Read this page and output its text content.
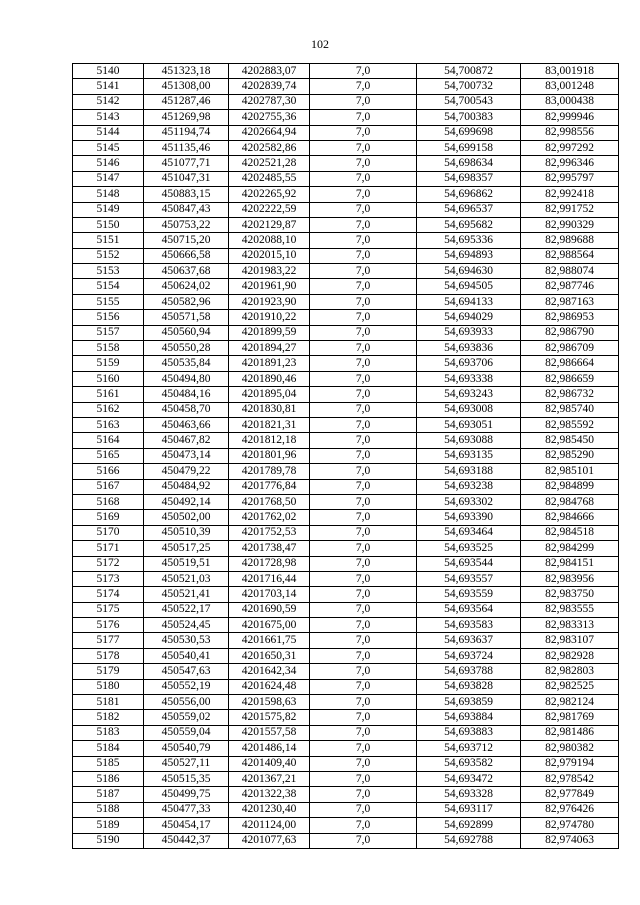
102
5140	451323,18	4202883,07	7,0	54,700872	83,001918
5141	451308,00	4202839,74	7,0	54,700732	83,001248
5142	451287,46	4202787,30	7,0	54,700543	83,000438
5143	451269,98	4202755,36	7,0	54,700383	82,999946
5144	451194,74	4202664,94	7,0	54,699698	82,998556
5145	451135,46	4202582,86	7,0	54,699158	82,997292
5146	451077,71	4202521,28	7,0	54,698634	82,996346
5147	451047,31	4202485,55	7,0	54,698357	82,995797
5148	450883,15	4202265,92	7,0	54,696862	82,992418
5149	450847,43	4202222,59	7,0	54,696537	82,991752
5150	450753,22	4202129,87	7,0	54,695682	82,990329
5151	450715,20	4202088,10	7,0	54,695336	82,989688
5152	450666,58	4202015,10	7,0	54,694893	82,988564
5153	450637,68	4201983,22	7,0	54,694630	82,988074
5154	450624,02	4201961,90	7,0	54,694505	82,987746
5155	450582,96	4201923,90	7,0	54,694133	82,987163
5156	450571,58	4201910,22	7,0	54,694029	82,986953
5157	450560,94	4201899,59	7,0	54,693933	82,986790
5158	450550,28	4201894,27	7,0	54,693836	82,986709
5159	450535,84	4201891,23	7,0	54,693706	82,986664
5160	450494,80	4201890,46	7,0	54,693338	82,986659
5161	450484,16	4201895,04	7,0	54,693243	82,986732
5162	450458,70	4201830,81	7,0	54,693008	82,985740
5163	450463,66	4201821,31	7,0	54,693051	82,985592
5164	450467,82	4201812,18	7,0	54,693088	82,985450
5165	450473,14	4201801,96	7,0	54,693135	82,985290
5166	450479,22	4201789,78	7,0	54,693188	82,985101
5167	450484,92	4201776,84	7,0	54,693238	82,984899
5168	450492,14	4201768,50	7,0	54,693302	82,984768
5169	450502,00	4201762,02	7,0	54,693390	82,984666
5170	450510,39	4201752,53	7,0	54,693464	82,984518
5171	450517,25	4201738,47	7,0	54,693525	82,984299
5172	450519,51	4201728,98	7,0	54,693544	82,984151
5173	450521,03	4201716,44	7,0	54,693557	82,983956
5174	450521,41	4201703,14	7,0	54,693559	82,983750
5175	450522,17	4201690,59	7,0	54,693564	82,983555
5176	450524,45	4201675,00	7,0	54,693583	82,983313
5177	450530,53	4201661,75	7,0	54,693637	82,983107
5178	450540,41	4201650,31	7,0	54,693724	82,982928
5179	450547,63	4201642,34	7,0	54,693788	82,982803
5180	450552,19	4201624,48	7,0	54,693828	82,982525
5181	450556,00	4201598,63	7,0	54,693859	82,982124
5182	450559,02	4201575,82	7,0	54,693884	82,981769
5183	450559,04	4201557,58	7,0	54,693883	82,981486
5184	450540,79	4201486,14	7,0	54,693712	82,980382
5185	450527,11	4201409,40	7,0	54,693582	82,979194
5186	450515,35	4201367,21	7,0	54,693472	82,978542
5187	450499,75	4201322,38	7,0	54,693328	82,977849
5188	450477,33	4201230,40	7,0	54,693117	82,976426
5189	450454,17	4201124,00	7,0	54,692899	82,974780
5190	450442,37	4201077,63	7,0	54,692788	82,974063
